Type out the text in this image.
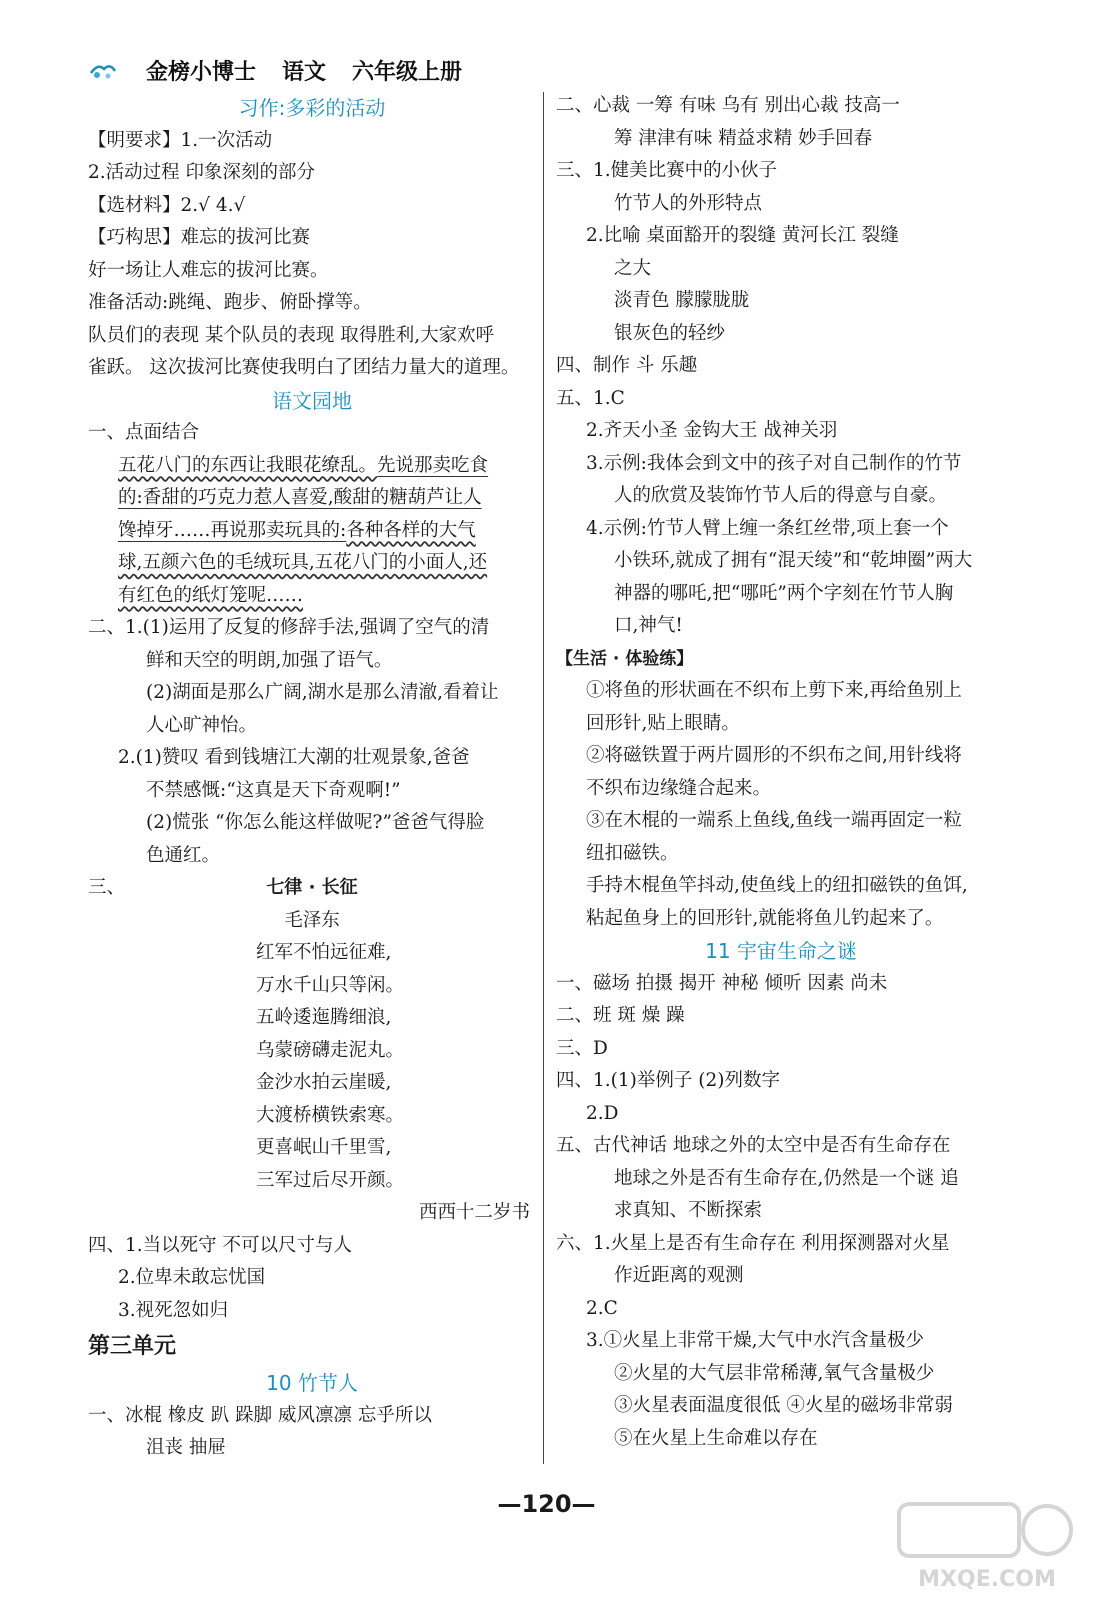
金榜小博士 语文 六年级上册
习作:多彩的活动
【明要求】1.一次活动
2.活动过程 印象深刻的部分
【选材料】2.√ 4.√
【巧构思】难忘的拔河比赛
好一场让人难忘的拔河比赛。
准备活动:跳绳、跑步、俯卧撑等。
队员们的表现 某个队员的表现 取得胜利,大家欢呼
雀跃。 这次拔河比赛使我明白了团结力量大的道理。
语文园地
一、点面结合
五花八门的东西让我眼花缭乱。先说那卖吃食
的:香甜的巧克力惹人喜爱,酸甜的糖葫芦让人
馋掉牙……再说那卖玩具的:各种各样的大气
球,五颜六色的毛绒玩具,五花八门的小面人,还
有红色的纸灯笼呢……
二、1.(1)运用了反复的修辞手法,强调了空气的清
鲜和天空的明朗,加强了语气。
(2)湖面是那么广阔,湖水是那么清澈,看着让
人心旷神怡。
2.(1)赞叹 看到钱塘江大潮的壮观景象,爸爸
不禁感慨:“这真是天下奇观啊!”
(2)慌张 “你怎么能这样做呢?”爸爸气得脸
色通红。
三、	七律 · 长征
毛泽东
红军不怕远征难,
万水千山只等闲。
五岭逶迤腾细浪,
乌蒙磅礴走泥丸。
金沙水拍云崖暖,
大渡桥横铁索寒。
更喜岷山千里雪,
三军过后尽开颜。
西西十二岁书
四、1.当以死守 不可以尺寸与人
2.位卑未敢忘忧国
3.视死忽如归
第三单元
10 竹节人
一、冰棍 橡皮 趴 跺脚 威风凛凛 忘乎所以
沮丧 抽屉
二、心裁 一筹 有味 乌有 别出心裁 技高一
筹 津津有味 精益求精 妙手回春
三、1.健美比赛中的小伙子
竹节人的外形特点
2.比喻 桌面豁开的裂缝 黄河长江 裂缝
之大
淡青色 朦朦胧胧
银灰色的轻纱
四、制作 斗 乐趣
五、1.C
2.齐天小圣 金钩大王 战神关羽
3.示例:我体会到文中的孩子对自己制作的竹节
人的欣赏及装饰竹节人后的得意与自豪。
4.示例:竹节人臂上缠一条红丝带,项上套一个
小铁环,就成了拥有“混天绫”和“乾坤圈”两大
神器的哪吒,把“哪吒”两个字刻在竹节人胸
口,神气!
【生活 · 体验练】
①将鱼的形状画在不织布上剪下来,再给鱼别上
回形针,贴上眼睛。
②将磁铁置于两片圆形的不织布之间,用针线将
不织布边缘缝合起来。
③在木棍的一端系上鱼线,鱼线一端再固定一粒
纽扣磁铁。
手持木棍鱼竿抖动,使鱼线上的纽扣磁铁的鱼饵,
粘起鱼身上的回形针,就能将鱼儿钓起来了。
11 宇宙生命之谜
一、磁场 拍摄 揭开 神秘 倾听 因素 尚未
二、班 斑 燥 躁
三、D
四、1.(1)举例子 (2)列数字
2.D
五、古代神话 地球之外的太空中是否有生命存在
地球之外是否有生命存在,仍然是一个谜 追
求真知、不断探索
六、1.火星上是否有生命存在 利用探测器对火星
作近距离的观测
2.C
3.①火星上非常干燥,大气中水汽含量极少
②火星的大气层非常稀薄,氧气含量极少
③火星表面温度很低 ④火星的磁场非常弱
⑤在火星上生命难以存在
—120—
MXQE.COM
